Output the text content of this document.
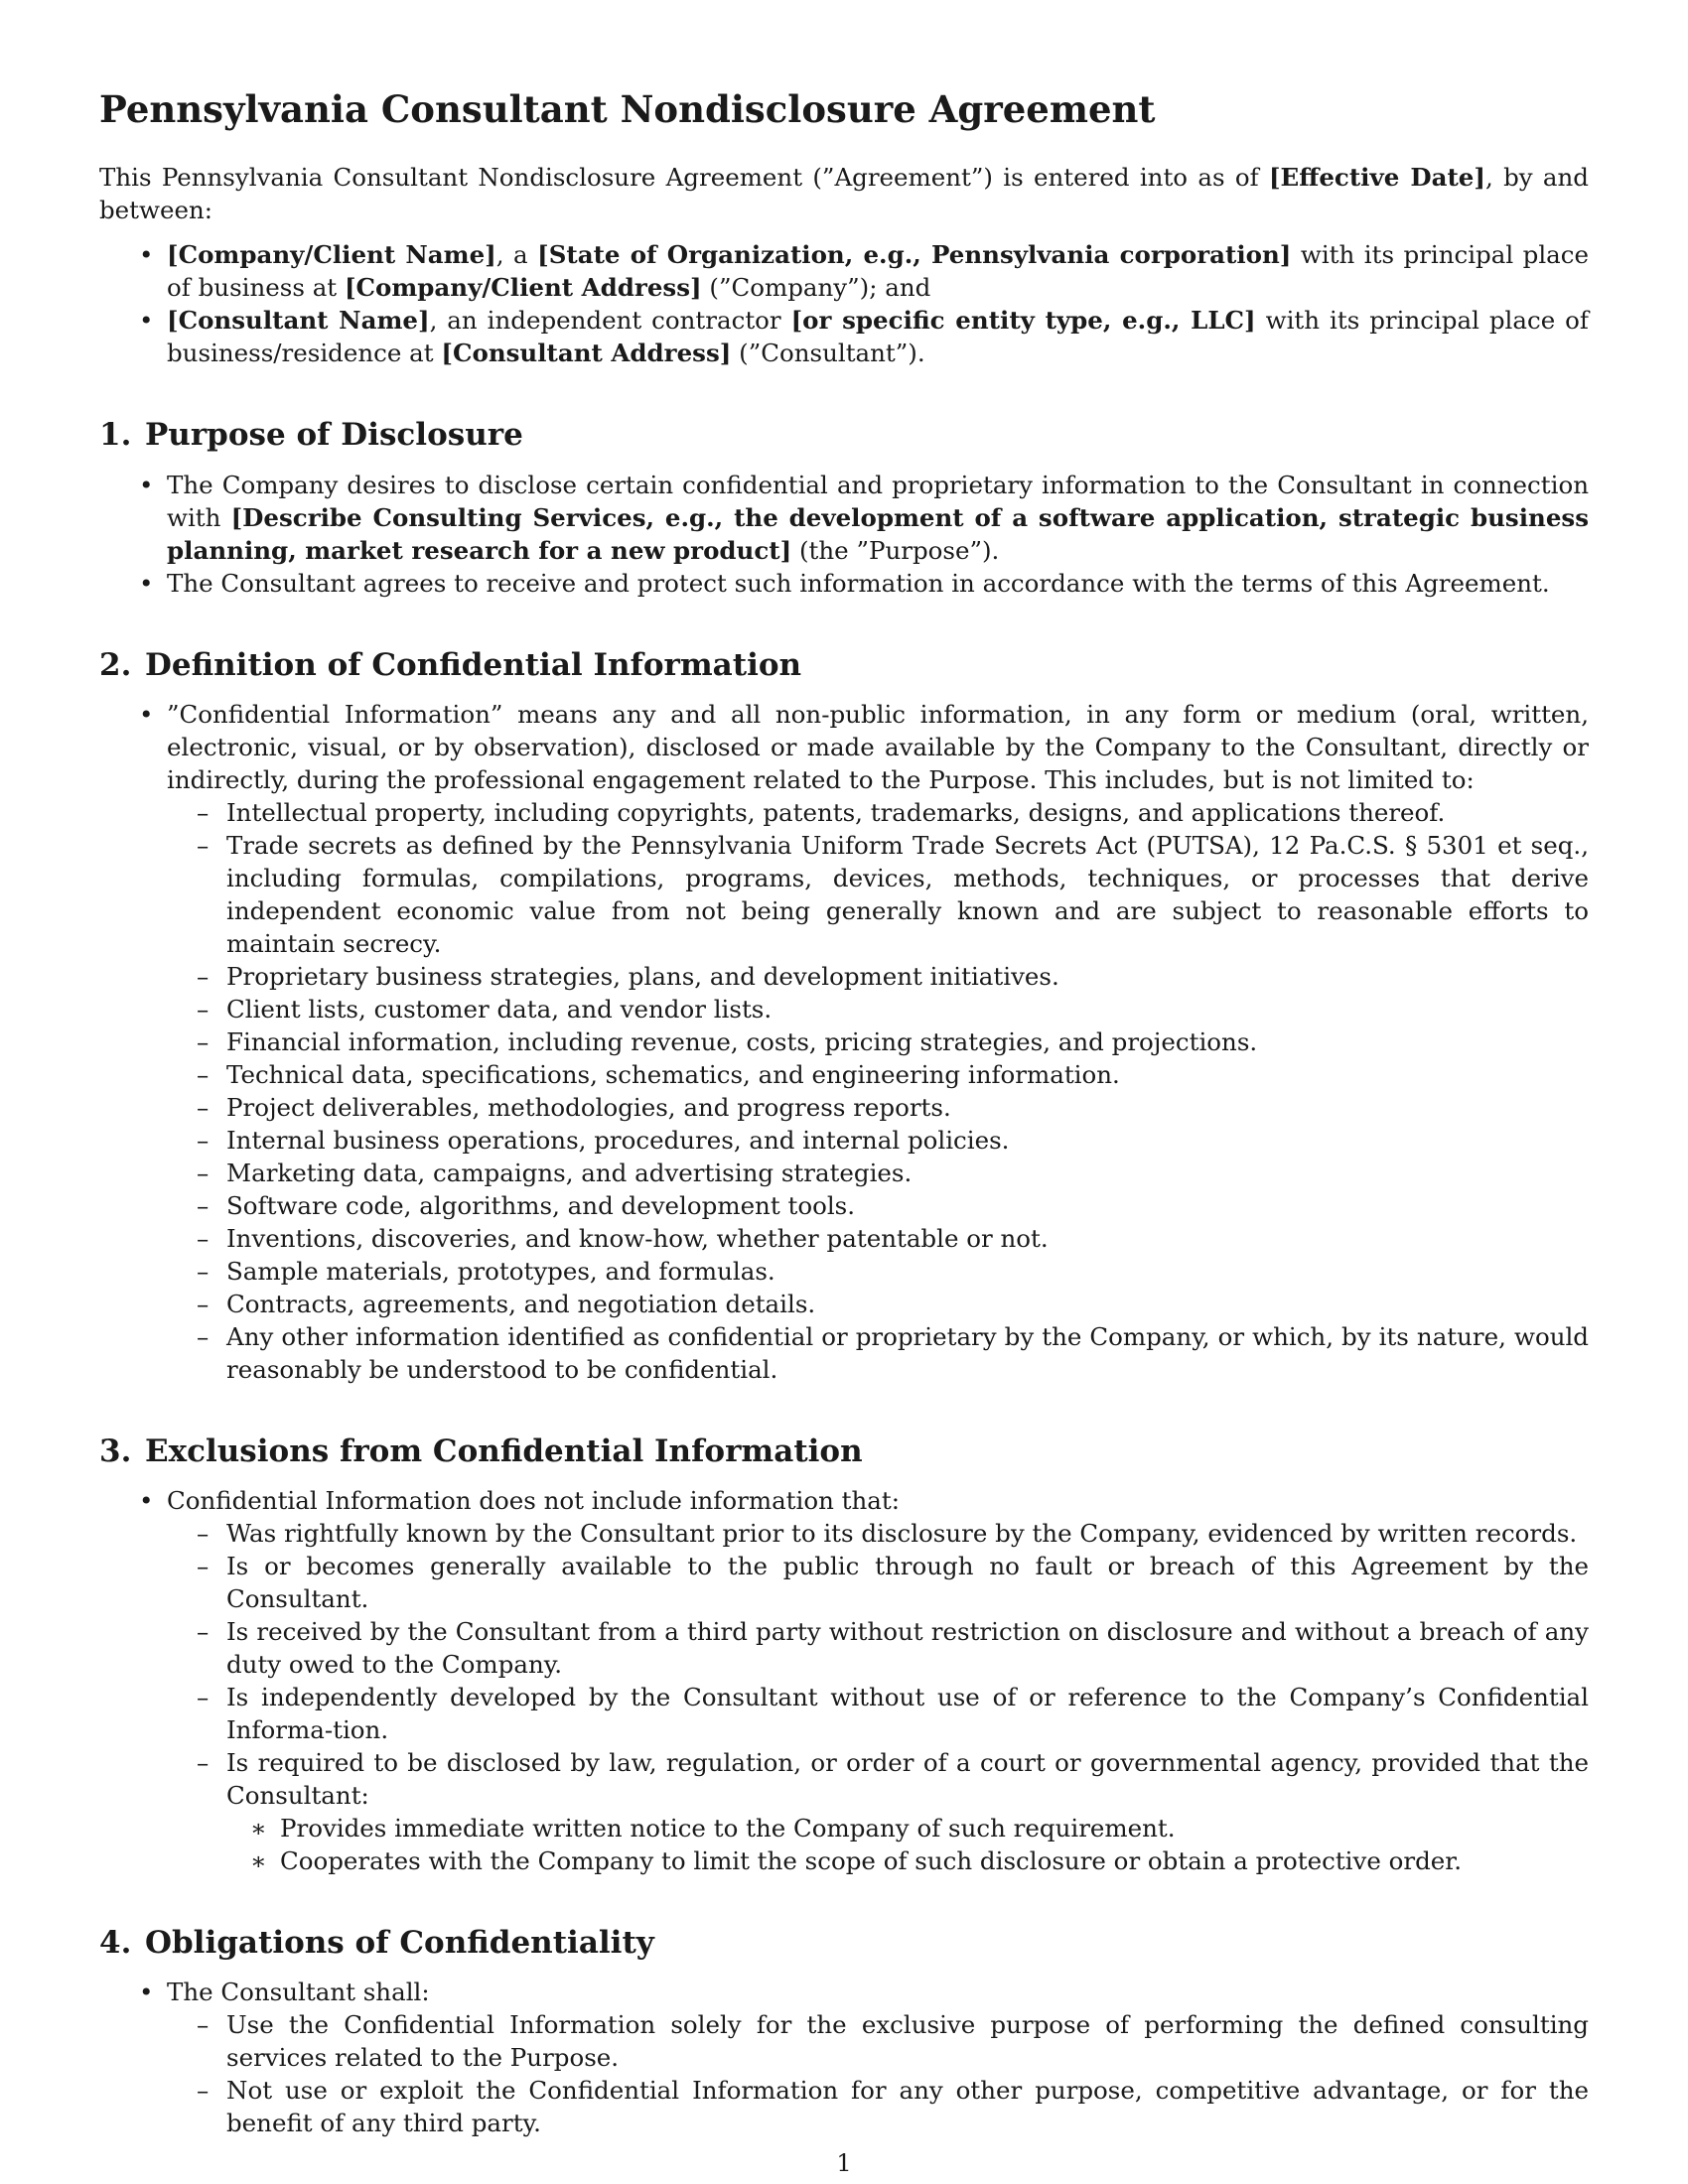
Pennsylvania Consultant Nondisclosure Agreement

This Pennsylvania Consultant Nondisclosure Agreement (”Agreement”) is entered into as of [Effective Date], by and between:

• [Company/Client Name], a [State of Organization, e.g., Pennsylvania corporation] with its principal place of business at [Company/Client Address] (”Company”); and
• [Consultant Name], an independent contractor [or specific entity type, e.g., LLC] with its principal place of business/residence at [Consultant Address] (”Consultant”).
1. Purpose of Disclosure
• The Company desires to disclose certain confidential and proprietary information to the Consultant in connection with [Describe Consulting Services, e.g., the development of a software application, strategic business planning, market research for a new product] (the ”Purpose”).
• The Consultant agrees to receive and protect such information in accordance with the terms of this Agreement.
2. Definition of Confidential Information
• ”Confidential Information” means any and all non-public information, in any form or medium (oral, written, electronic, visual, or by observation), disclosed or made available by the Company to the Consultant, directly or indirectly, during the professional engagement related to the Purpose. This includes, but is not limited to:
– Intellectual property, including copyrights, patents, trademarks, designs, and applications thereof.
– Trade secrets as defined by the Pennsylvania Uniform Trade Secrets Act (PUTSA), 12 Pa.C.S. § 5301 et seq., including formulas, compilations, programs, devices, methods, techniques, or processes that derive independent economic value from not being generally known and are subject to reasonable efforts to maintain secrecy.
– Proprietary business strategies, plans, and development initiatives.
– Client lists, customer data, and vendor lists.
– Financial information, including revenue, costs, pricing strategies, and projections.
– Technical data, specifications, schematics, and engineering information.
– Project deliverables, methodologies, and progress reports.
– Internal business operations, procedures, and internal policies.
– Marketing data, campaigns, and advertising strategies.
– Software code, algorithms, and development tools.
– Inventions, discoveries, and know-how, whether patentable or not.
– Sample materials, prototypes, and formulas.
– Contracts, agreements, and negotiation details.
– Any other information identified as confidential or proprietary by the Company, or which, by its nature, would reasonably be understood to be confidential.
3. Exclusions from Confidential Information
• Confidential Information does not include information that:
– Was rightfully known by the Consultant prior to its disclosure by the Company, evidenced by written records.
– Is or becomes generally available to the public through no fault or breach of this Agreement by the Consultant.
– Is received by the Consultant from a third party without restriction on disclosure and without a breach of any duty owed to the Company.
– Is independently developed by the Consultant without use of or reference to the Company’s Confidential Informa-tion.
– Is required to be disclosed by law, regulation, or order of a court or governmental agency, provided that the Consultant:
∗ Provides immediate written notice to the Company of such requirement.
∗ Cooperates with the Company to limit the scope of such disclosure or obtain a protective order.
4. Obligations of Confidentiality
• The Consultant shall:
– Use the Confidential Information solely for the exclusive purpose of performing the defined consulting services related to the Purpose.
– Not use or exploit the Confidential Information for any other purpose, competitive advantage, or for the benefit of any third party.
1
